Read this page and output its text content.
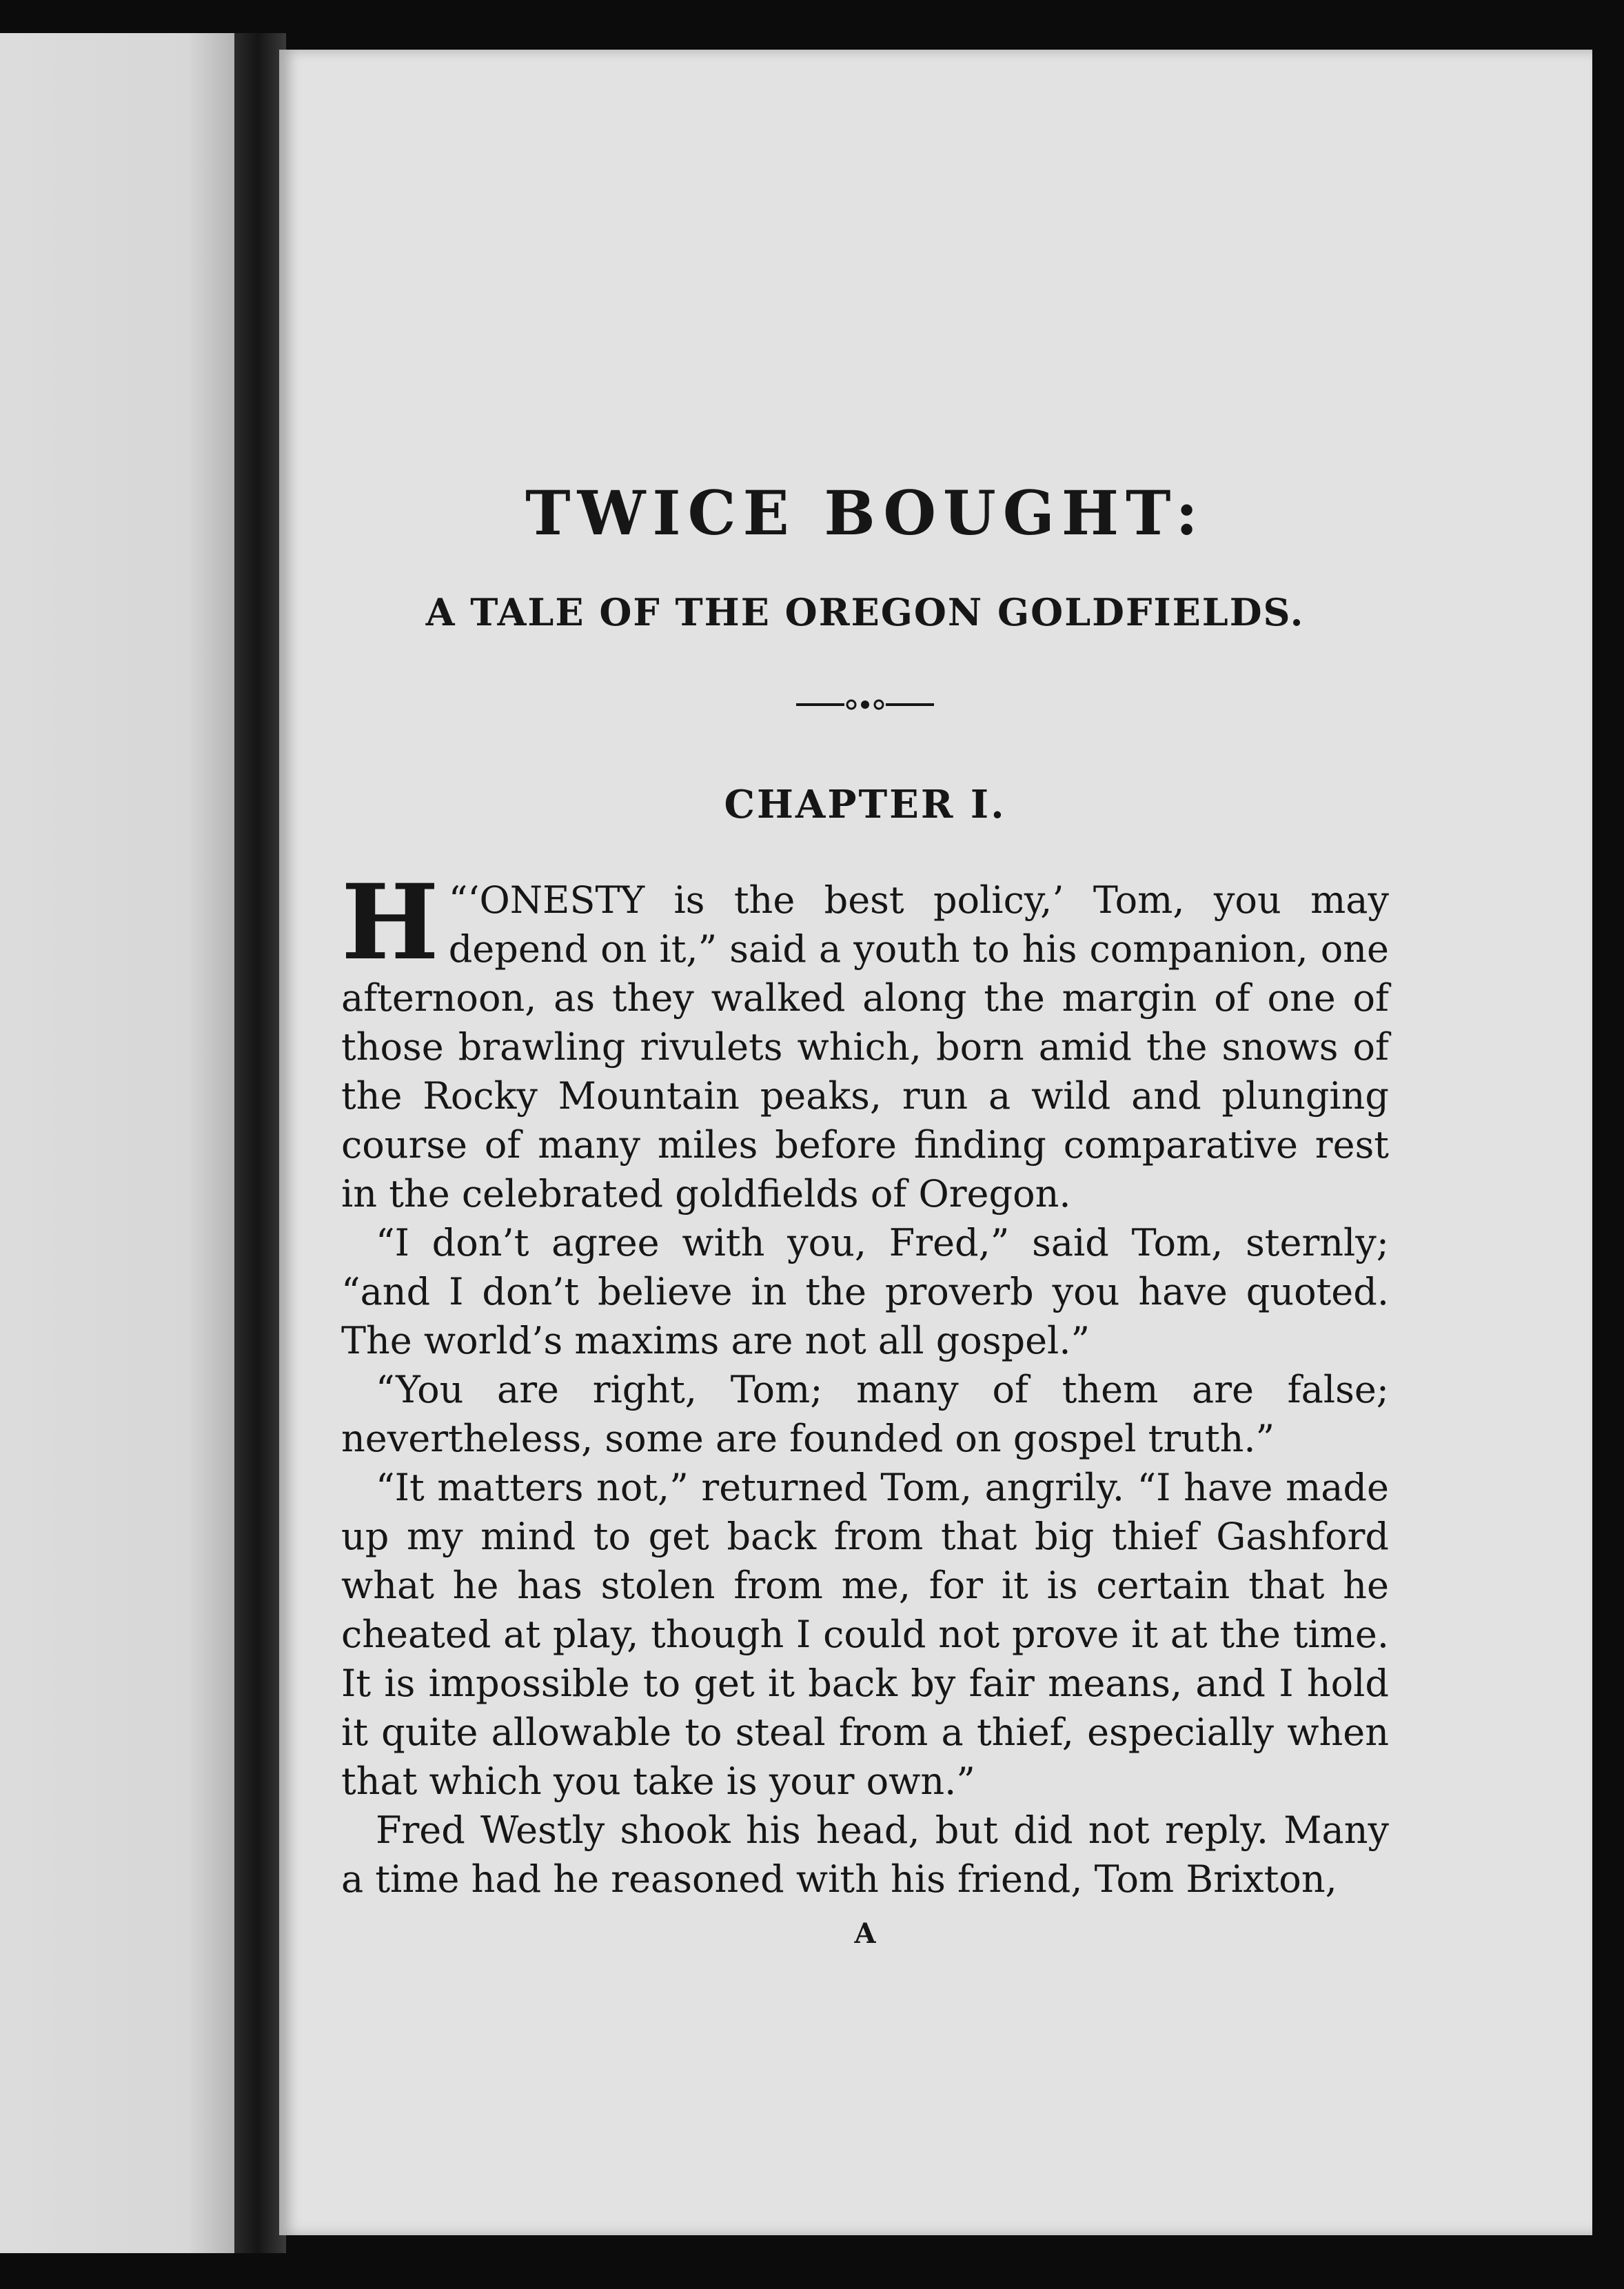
TWICE BOUGHT:
A TALE OF THE OREGON GOLDFIELDS.
CHAPTER I.

“‘
H ONESTY is the best policy,’ Tom, you may depend on it,” said a youth to his companion, one afternoon, as they walked along the margin of one of those brawling rivulets which, born amid the snows of the Rocky Mountain peaks, run a wild and plunging course of many miles before finding comparative rest in the celebrated goldfields of Oregon.

“I don’t agree with you, Fred,” said Tom, sternly; “and I don’t believe in the proverb you have quoted. The world’s maxims are not all gospel.”

“You are right, Tom; many of them are false; nevertheless, some are founded on gospel truth.”

“It matters not,” returned Tom, angrily. “I have made up my mind to get back from that big thief Gashford what he has stolen from me, for it is certain that he cheated at play, though I could not prove it at the time. It is impossible to get it back by fair means, and I hold it quite allowable to steal from a thief, especially when that which you take is your own.”

Fred Westly shook his head, but did not reply. Many a time had he reasoned with his friend, Tom Brixton,

A
